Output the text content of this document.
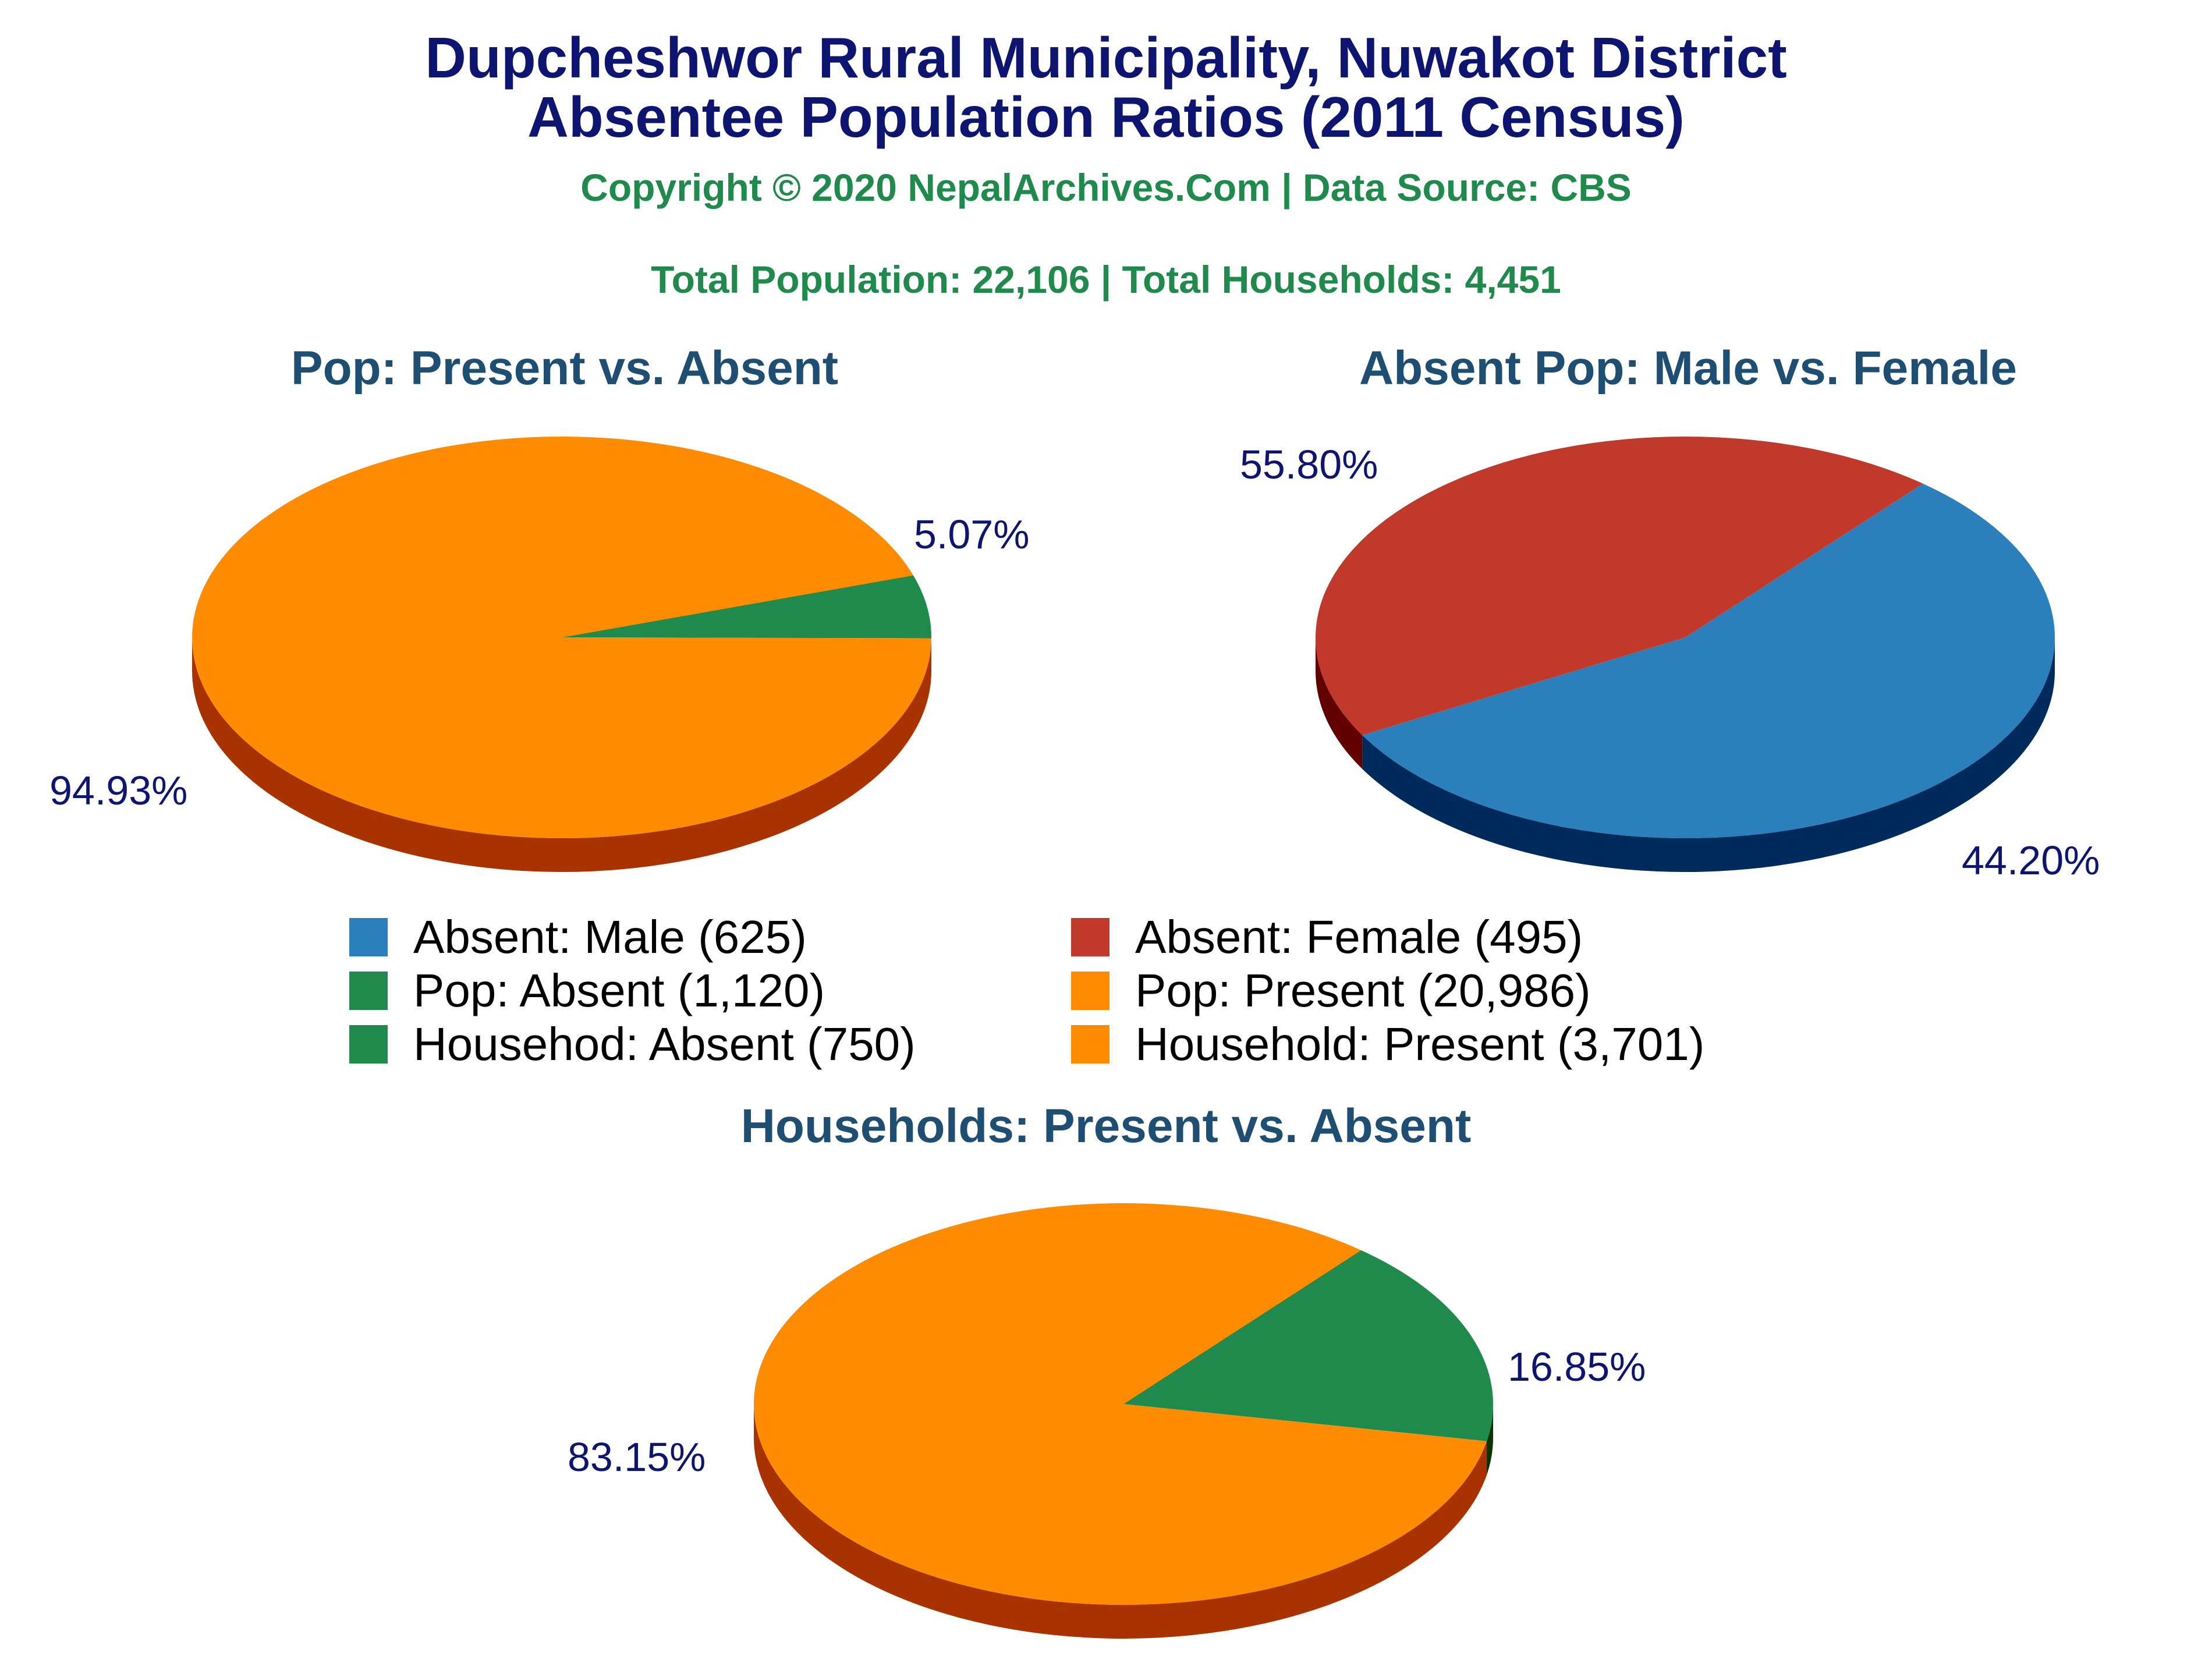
Dupcheshwor Rural Municipality, Nuwakot District
Absentee Population Ratios (2011 Census)
Copyright © 2020 NepalArchives.Com | Data Source: CBS
Total Population: 22,106 | Total Households: 4,451
Pop: Present vs. Absent	Absent Pop: Male vs. Female
Households: Present vs. Absent
5.07%
94.93%
55.80%
44.20%
16.85%
83.15%
Absent: Male (625)	Absent: Female (495)
Pop: Absent (1,120)	Pop: Present (20,986)
Househod: Absent (750)	Household: Present (3,701)
